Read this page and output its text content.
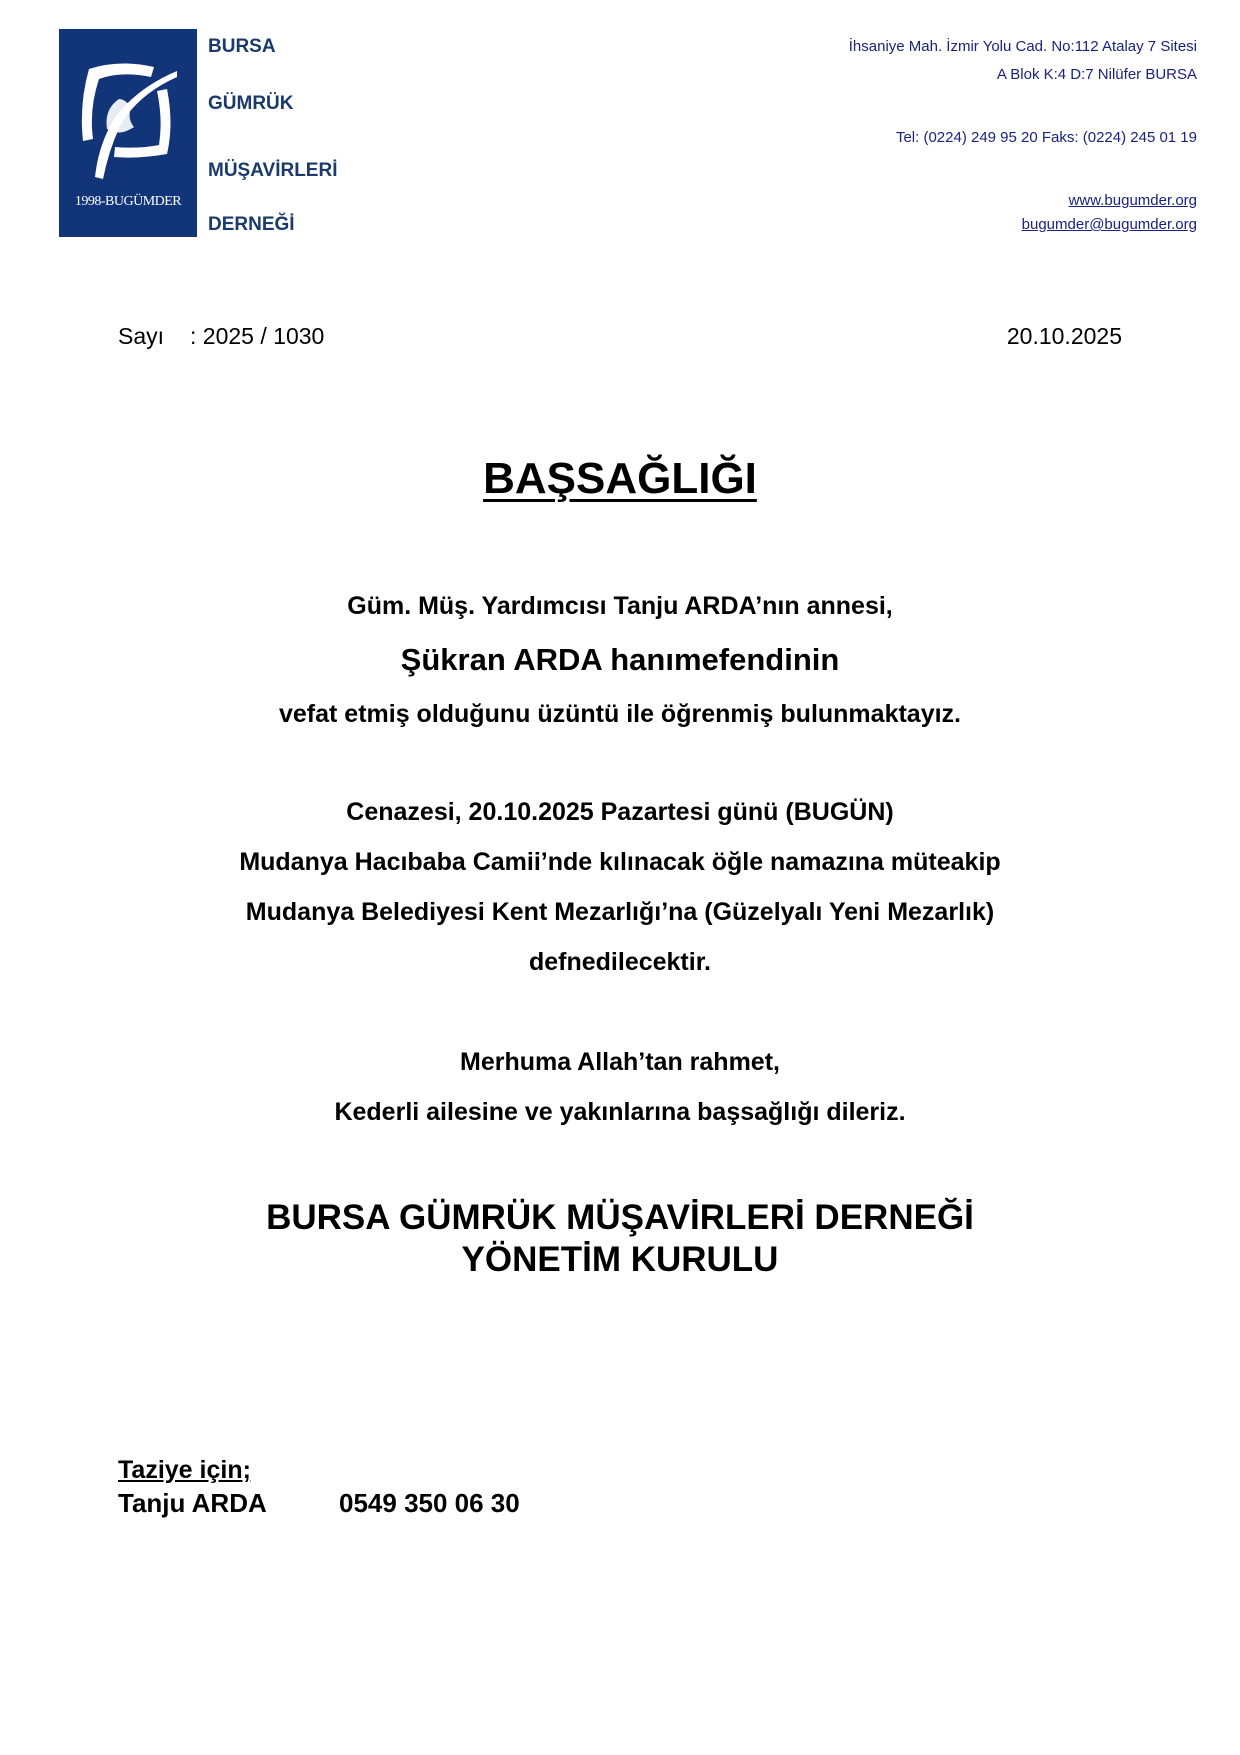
1998-BUGÜMDER
BURSA
GÜMRÜK
MÜŞAVİRLERİ
DERNEĞİ
İhsaniye Mah. İzmir Yolu Cad. No:112 Atalay 7 Sitesi
A Blok K:4 D:7 Nilüfer BURSA
Tel: (0224) 249 95 20 Faks: (0224) 245 01 19
www.bugumder.org
bugumder@bugumder.org
Sayı : 2025 / 1030	20.10.2025
BAŞSAĞLIĞI
Güm. Müş. Yardımcısı Tanju ARDA’nın annesi,
Şükran ARDA hanımefendinin
vefat etmiş olduğunu üzüntü ile öğrenmiş bulunmaktayız.
Cenazesi, 20.10.2025 Pazartesi günü (BUGÜN)
Mudanya Hacıbaba Camii’nde kılınacak öğle namazına müteakip
Mudanya Belediyesi Kent Mezarlığı’na (Güzelyalı Yeni Mezarlık)
defnedilecektir.
Merhuma Allah’tan rahmet,
Kederli ailesine ve yakınlarına başsağlığı dileriz.
BURSA GÜMRÜK MÜŞAVİRLERİ DERNEĞİ
YÖNETİM KURULU
Taziye için;
Tanju ARDA	0549 350 06 30
